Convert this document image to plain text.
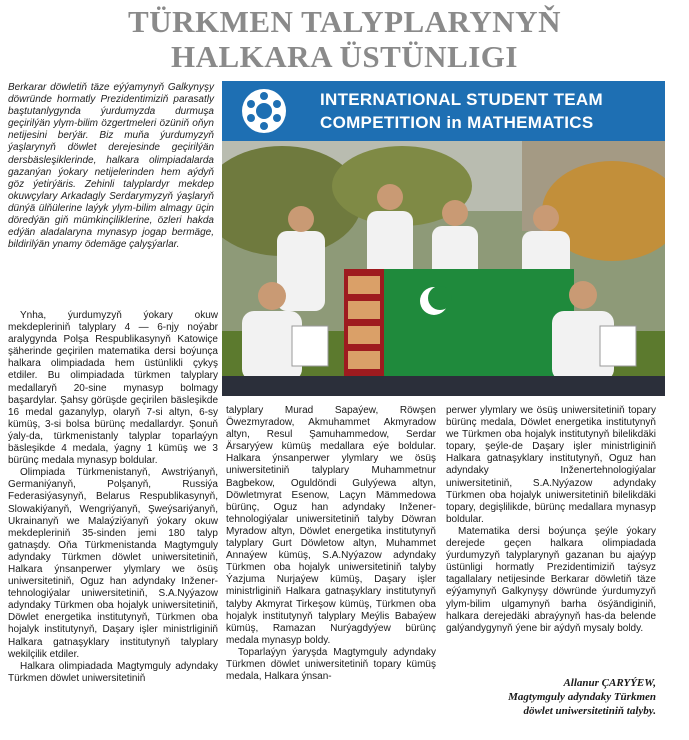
TÜRKMEN TALYPLARYNYŇ
HALKARA ÜSTÜNLIGI
Berkarar döwletiň täze eýýamynyň Galkynyşy döwründe hormatly Prezidentimiziň parasatly baştutanlygynda ýurdumyzda durmuşa geçirilýän ylym-bilim özgertmeleri özüniň oňyn netijesini berýär. Biz muňa ýurdumyzyň ýaşlarynyň döwlet derejesinde geçirilýän dersbäsleşiklerinde, halkara olimpiadalarda gazanýan ýokary netijelerinden hem aýdyň göz ýetirýäris. Zehinli talyplardyr mekdep okuwçylary Arkadagly Serdarymyzyň ýaşlaryň dünýä ülňülerine laýyk ylym-bilim almagy üçin döredýän giň mümkinçiliklerine, özleri hakda edýän aladalaryna mynasyp jogap bermäge, bildirilýän ynamy ödemäge çalyşýarlar.
INTERNATIONAL STUDENT TEAM
COMPETITION in MATHEMATICS

Ynha, ýurdumyzyň ýokary okuw mekdepleriniň talyplary 4 — 6-njy noýabr aralygynda Polşa Respublikasynyň Katowiçe şäherinde geçirilen matematika dersi boýunça halkara olimpiadada hem üstünlikli çykyş etdiler. Bu olimpiadada türkmen talyplary medallaryň 20-sine mynasyp bolmagy başardylar. Şahsy görüşde geçirilen bäsleşikde 16 medal gazanylyp, olaryň 7-si altyn, 6-sy kümüş, 3-si bolsa bürünç medallardyr. Şonuň ýaly-da, türkmenistanly talyplar toparlaýyn bäsleşikde 4 medala, ýagny 1 kümüş we 3 bürünç medala mynasyp boldular.

Olimpiada Türkmenistanyň, Awstriýanyň, Germaniýanyň, Polşanyň, Russiýa Federasiýasynyň, Belarus Respublikasynyň, Slowakiýanyň, Wengriýanyň, Şweýsariýanyň, Ukrainanyň we Malaýziýanyň ýokary okuw mekdepleriniň 35-sinden jemi 180 talyp gatnaşdy. Oňa Türkmenistanda Magtymguly adyndaky Türkmen döwlet uniwersitetiniň, Halkara ýnsanperwer ylymlary we ösüş uniwersitetiniň, Oguz han adyndaky Inžener-tehnologiýalar uniwersitetiniň, S.A.Nyýazow adyndaky Türkmen oba hojalyk uniwersitetiniň, Döwlet energetika institutynyň, Türkmen oba hojalyk institutynyň, Daşary işler ministrliginiň Halkara gatnaşyklary institutynyň talyplary wekilçilik etdiler.

Halkara olimpiadada Magtymguly adyndaky Türkmen döwlet uniwersitetiniň

talyplary Murad Sapaýew, Röwşen Öwezmyradow, Akmuhammet Akmyradow altyn, Resul Şamuhammedow, Serdar Ärsaryýew kümüş medallara eýe boldular. Halkara ýnsanperwer ylymlary we ösüş uniwersitetiniň talyplary Muhammetnur Bagbekow, Oguldöndi Gulyýewa altyn, Döwletmyrat Esenow, Laçyn Mämmedowa bürünç, Oguz han adyndaky Inžener-tehnologiýalar uniwersitetiniň talyby Döwran Myradow altyn, Döwlet energetika institutynyň talyplary Gurt Döwletow altyn, Muhammet Annaýew kümüş, S.A.Nyýazow adyndaky Türkmen oba hojalyk uniwersitetiniň talyby Ýazjuma Nurjaýew kümüş, Daşary işler ministrliginiň Halkara gatnaşyklary institutynyň talyby Akmyrat Tirkeşow kümüş, Türkmen oba hojalyk institutynyň talyplary Meýlis Babaýew kümüş, Ramazan Nurýagdyýew bürünç medala mynasyp boldy.

Toparlaýyn ýaryşda Magtymguly adyndaky Türkmen döwlet uniwersitetiniň topary kümüş medala, Halkara ýnsan-

perwer ylymlary we ösüş uniwersitetiniň topary bürünç medala, Döwlet energetika institutynyň we Türkmen oba hojalyk institutynyň bilelikdäki topary, şeýle-de Daşary işler ministrliginiň Halkara gatnaşyklary institutynyň, Oguz han adyndaky Inženertehnologiýalar uniwersitetiniň, S.A.Nyýazow adyndaky Türkmen oba hojalyk uniwersitetiniň bilelikdäki topary, degişlilikde, bürünç medallara mynasyp boldular.

Matematika dersi boýunça şeýle ýokary derejede geçen halkara olimpiadada ýurdumyzyň talyplarynyň gazanan bu ajaýyp üstünligi hormatly Prezidentimiziň taýsyz tagallalary netijesinde Berkarar döwletiň täze eýýamynyň Galkynyşy döwründe ýurdumyzyň ylym-bilim ulgamynyň barha ösýändiginiň, halkara derejedäki abraýynyň has-da belende galýandygynyň ýene bir aýdyň mysaly boldy.

Allanur ÇARYÝEW,
Magtymguly adyndaky Türkmen
döwlet uniwersitetiniň talyby.
